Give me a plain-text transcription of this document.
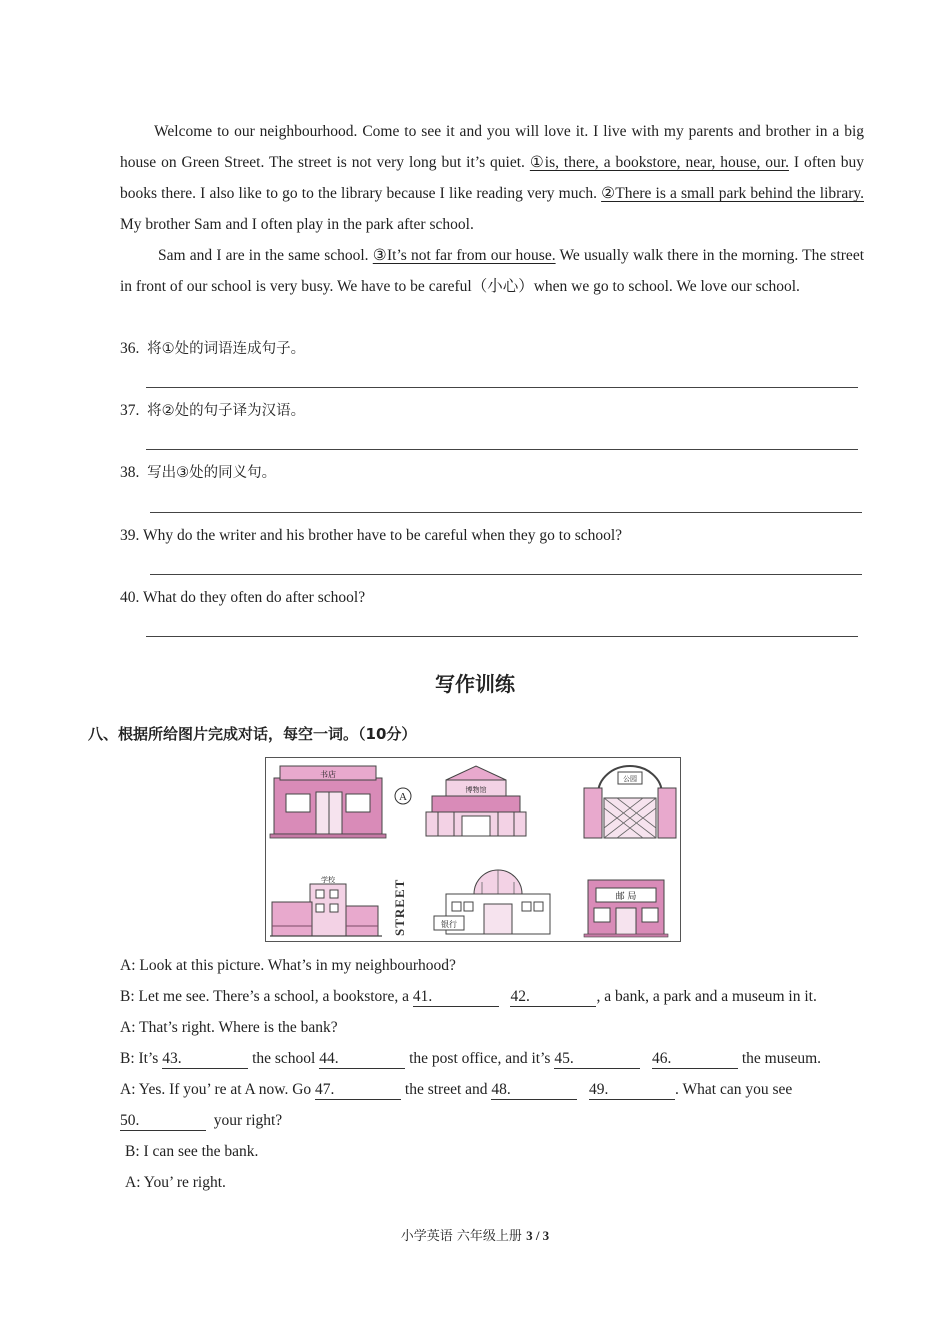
Welcome to our neighbourhood. Come to see it and you will love it. I live with my parents and brother in a big house on Green Street. The street is not very long but it’s quiet. ①is, there, a bookstore, near, house, our. I often buy books there. I also like to go to the library because I like reading very much. ②There is a small park behind the library. My brother Sam and I often play in the park after school.

Sam and I are in the same school. ③It’s not far from our house. We usually walk there in the morning. The street in front of our school is very busy. We have to be careful（小心）when we go to school. We love our school.

36. 将①处的词语连成句子。
37. 将②处的句子译为汉语。
38. 写出③处的同义句。
39. Why do the writer and his brother have to be careful when they go to school?
40. What do they often do after school?
写作训练
八、根据所给图片完成对话，每空一词。（10分）
书店
A
博物馆
公园
学校	STREET	银行
邮 局
A: Look at this picture. What’s in my neighbourhood?
B: Let me see. There’s a school, a bookstore, a 41.	42.	, a bank, a park and a museum in it.
A: That’s right. Where is the bank?
B: It’s 43.	the school 44.	the post office, and it’s 45.	46.	the museum.
A: Yes. If you’ re at A now. Go 47.	the street and 48.	49.	. What can you see
50.	your right?
B: I can see the bank.
A: You’ re right.
小学英语 六年级上册 3 / 3
